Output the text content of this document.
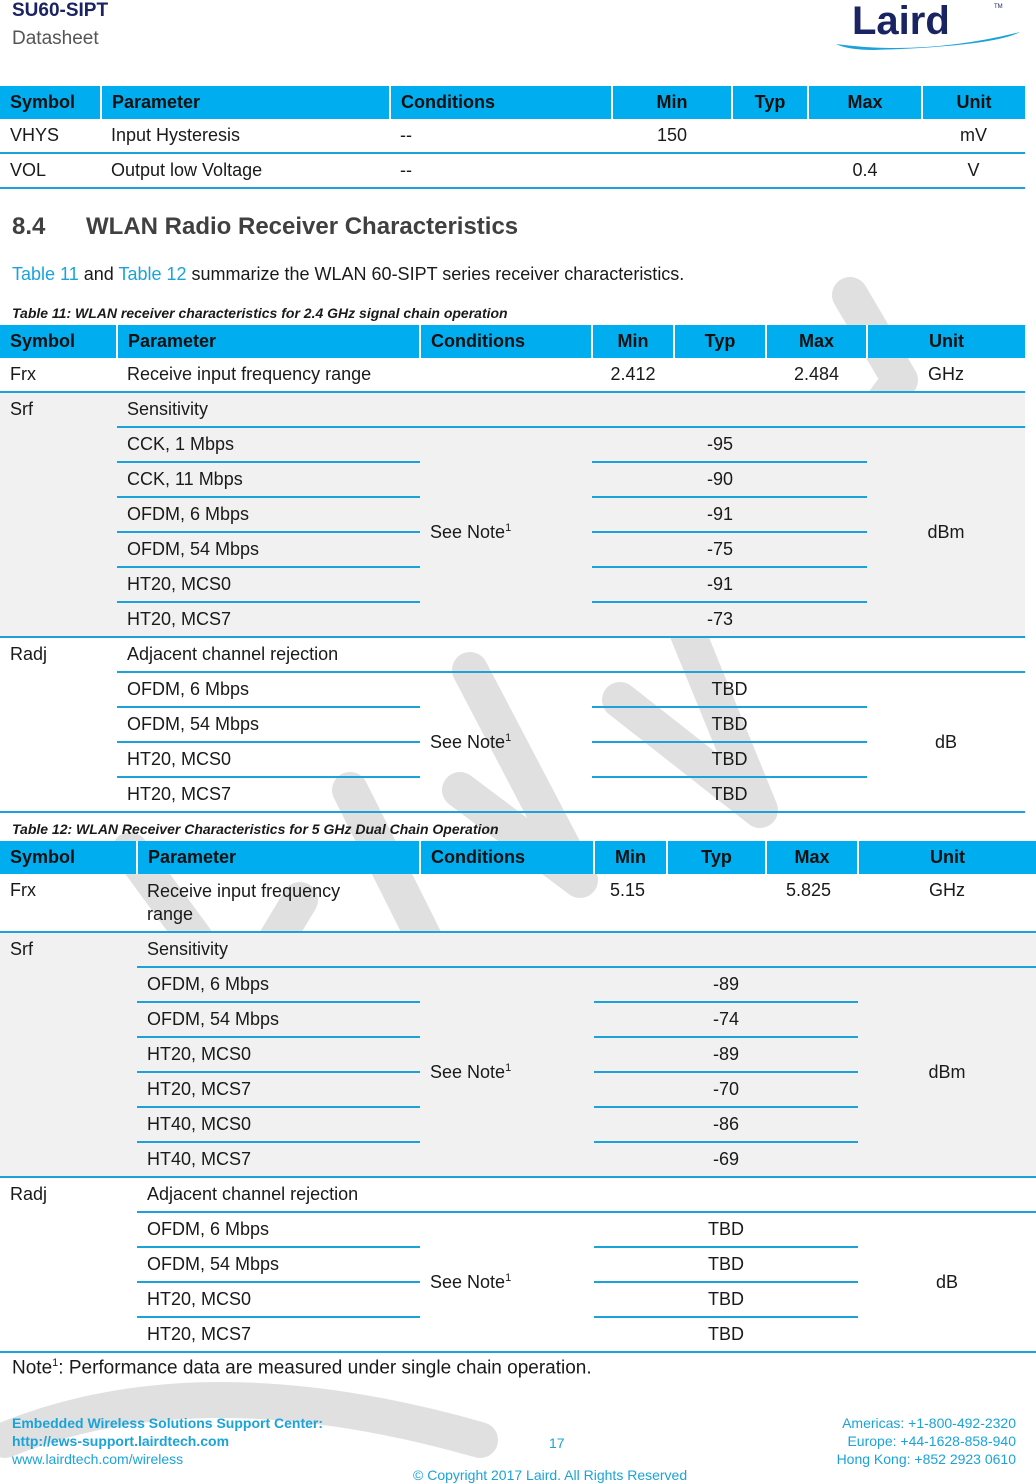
SU60-SIPT
Datasheet	Laird	TM
Symbol	Parameter	Conditions	Min	Typ	Max	Unit
VHYS	Input Hysteresis	--	150			mV
VOL	Output low Voltage	--			0.4	V
8.4 WLAN Radio Receiver Characteristics
Table 11 and Table 12 summarize the WLAN 60-SIPT series receiver characteristics.
Table 11: WLAN receiver characteristics for 2.4 GHz signal chain operation
Symbol	Parameter	Conditions	Min	Typ	Max	Unit
Frx	Receive input frequency range		2.412		2.484	GHz
Srf	Sensitivity					
	CCK, 1 Mbps	See Note$^1$		-95		dBm
	CCK, 11 Mbps			-90		
	OFDM, 6 Mbps			-91		
	OFDM, 54 Mbps			-75		
	HT20, MCS0			-91		
	HT20, MCS7			-73		
Radj	Adjacent channel rejection					
	OFDM, 6 Mbps	See Note$^1$	TBD			dB
	OFDM, 54 Mbps		TBD			
	HT20, MCS0		TBD			
	HT20, MCS7		TBD			
Table 12: WLAN Receiver Characteristics for 5 GHz Dual Chain Operation
Symbol	Parameter	Conditions	Min	Typ	Max	Unit
Frx	Receive input frequency range		5.15		5.825	GHz
Srf	Sensitivity					
	OFDM, 6 Mbps	See Note$^1$	-89			dBm
	OFDM, 54 Mbps		-74			
	HT20, MCS0		-89			
	HT20, MCS7		-70			
	HT40, MCS0		-86			
	HT40, MCS7		-69			
Radj	Adjacent channel rejection					
	OFDM, 6 Mbps	See Note$^1$	TBD			dB
	OFDM, 54 Mbps		TBD			
	HT20, MCS0		TBD			
	HT20, MCS7		TBD			
Note$^1$: Performance data are measured under single chain operation.
Embedded Wireless Solutions Support Center:
http://ews-support.lairdtech.com
www.lairdtech.com/wireless
17
© Copyright 2017 Laird. All Rights Reserved
Americas: +1-800-492-2320
Europe: +44-1628-858-940
Hong Kong: +852 2923 0610
